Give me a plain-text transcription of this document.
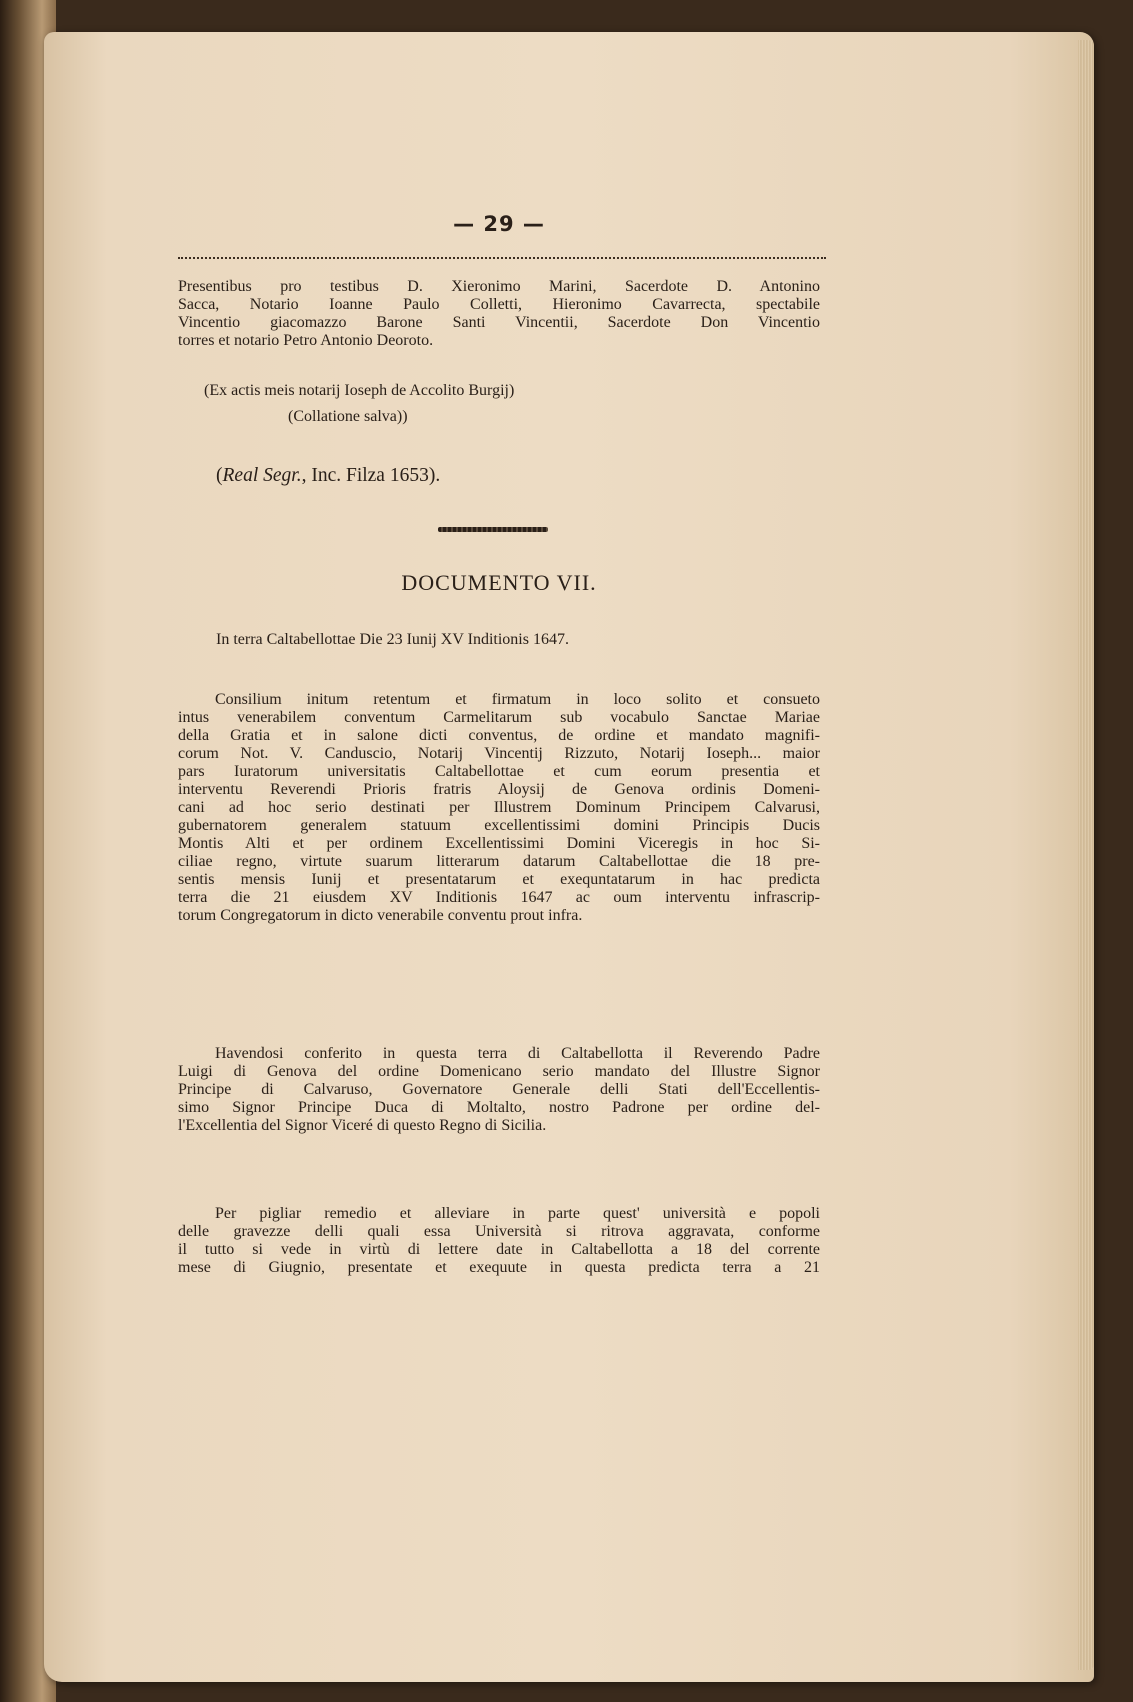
— 29 —
Presentibus pro testibus D. Xieronimo Marini, Sacerdote D. Antonino
Sacca, Notario Ioanne Paulo Colletti, Hieronimo Cavarrecta, spectabile
Vincentio giacomazzo Barone Santi Vincentii, Sacerdote Don Vincentio
torres et notario Petro Antonio Deoroto.
(Ex actis meis notarij Ioseph de Accolito Burgij)
(Collatione salva))
(Real Segr., Inc. Filza 1653).
DOCUMENTO VII.
In terra Caltabellottae Die 23 Iunij XV Inditionis 1647.
Consilium initum retentum et firmatum in loco solito et consueto
intus venerabilem conventum Carmelitarum sub vocabulo Sanctae Mariae
della Gratia et in salone dicti conventus, de ordine et mandato magnifi-
corum Not. V. Canduscio, Notarij Vincentij Rizzuto, Notarij Ioseph... maior
pars Iuratorum universitatis Caltabellottae et cum eorum presentia et
interventu Reverendi Prioris fratris Aloysij de Genova ordinis Domeni-
cani ad hoc serio destinati per Illustrem Dominum Principem Calvarusi,
gubernatorem generalem statuum excellentissimi domini Principis Ducis
Montis Alti et per ordinem Excellentissimi Domini Viceregis in hoc Si-
ciliae regno, virtute suarum litterarum datarum Caltabellottae die 18 pre-
sentis mensis Iunij et presentatarum et exequntatarum in hac predicta
terra die 21 eiusdem XV Inditionis 1647 ac oum interventu infrascrip-
torum Congregatorum in dicto venerabile conventu prout infra.
Havendosi conferito in questa terra di Caltabellotta il Reverendo Padre
Luigi di Genova del ordine Domenicano serio mandato del Illustre Signor
Principe di Calvaruso, Governatore Generale delli Stati dell'Eccellentis-
simo Signor Principe Duca di Moltalto, nostro Padrone per ordine del-
l'Excellentia del Signor Viceré di questo Regno di Sicilia.
Per pigliar remedio et alleviare in parte quest' università e popoli
delle gravezze delli quali essa Università si ritrova aggravata, conforme
il tutto si vede in virtù di lettere date in Caltabellotta a 18 del corrente
mese di Giugnio, presentate et exequute in questa predicta terra a 21
